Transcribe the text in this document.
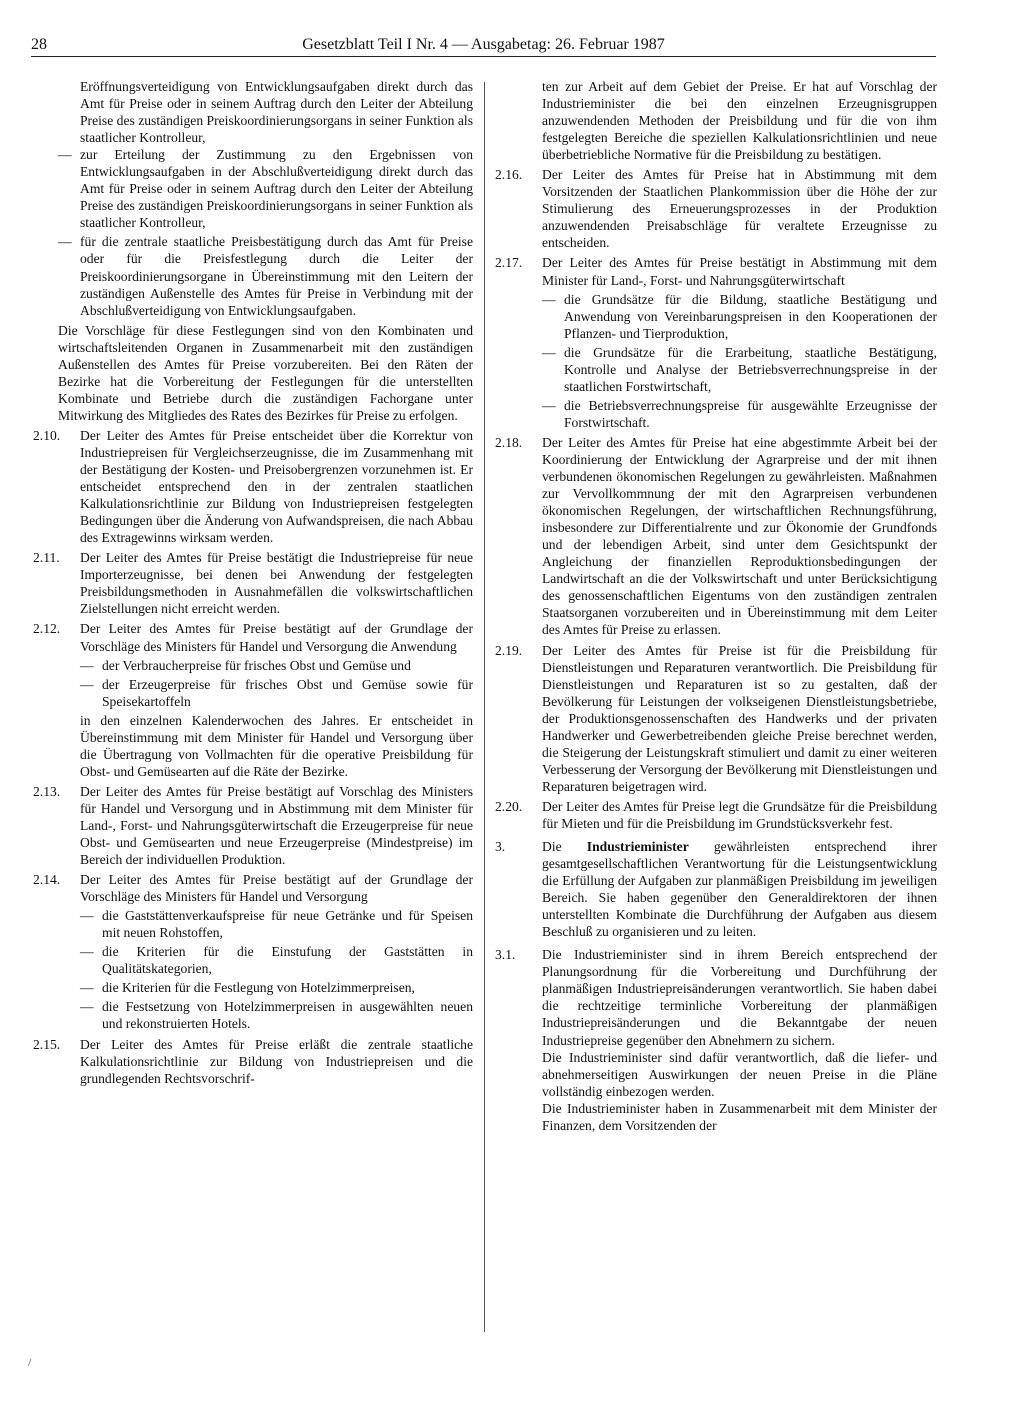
28	Gesetzblatt Teil I Nr. 4 — Ausgabetag: 26. Februar 1987

Eröffnungsverteidigung von Entwicklungsaufgaben direkt durch das Amt für Preise oder in seinem Auftrag durch den Leiter der Abteilung Preise des zuständigen Preiskoordinierungsorgans in seiner Funktion als staatlicher Kontrolleur,

— zur Erteilung der Zustimmung zu den Ergebnissen von Entwicklungsaufgaben in der Abschlußverteidigung direkt durch das Amt für Preise oder in seinem Auftrag durch den Leiter der Abteilung Preise des zuständigen Preiskoordinierungsorgans in seiner Funktion als staatlicher Kontrolleur,
— für die zentrale staatliche Preisbestätigung durch das Amt für Preise oder für die Preisfestlegung durch die Leiter der Preiskoordinierungsorgane in Übereinstimmung mit den Leitern der zuständigen Außenstelle des Amtes für Preise in Verbindung mit der Abschlußverteidigung von Entwicklungsaufgaben.

Die Vorschläge für diese Festlegungen sind von den Kombinaten und wirtschaftsleitenden Organen in Zusammenarbeit mit den zuständigen Außenstellen des Amtes für Preise vorzubereiten. Bei den Räten der Bezirke hat die Vorbereitung der Festlegungen für die unterstellten Kombinate und Betriebe durch die zuständigen Fachorgane unter Mitwirkung des Mitgliedes des Rates des Bezirkes für Preise zu erfolgen.

2.10. Der Leiter des Amtes für Preise entscheidet über die Korrektur von Industriepreisen für Vergleichserzeugnisse, die im Zusammenhang mit der Bestätigung der Kosten- und Preisobergrenzen vorzunehmen ist. Er entscheidet entsprechend den in der zentralen staatlichen Kalkulationsrichtlinie zur Bildung von Industriepreisen festgelegten Bedingungen über die Änderung von Aufwandspreisen, die nach Abbau des Extragewinns wirksam werden.
2.11. Der Leiter des Amtes für Preise bestätigt die Industriepreise für neue Importerzeugnisse, bei denen bei Anwendung der festgelegten Preisbildungsmethoden in Ausnahmefällen die volkswirtschaftlichen Zielstellungen nicht erreicht werden.
2.12. Der Leiter des Amtes für Preise bestätigt auf der Grundlage der Vorschläge des Ministers für Handel und Versorgung die Anwendung
— der Verbraucherpreise für frisches Obst und Gemüse und
— der Erzeugerpreise für frisches Obst und Gemüse sowie für Speisekartoffeln
in den einzelnen Kalenderwochen des Jahres. Er entscheidet in Übereinstimmung mit dem Minister für Handel und Versorgung über die Übertragung von Vollmachten für die operative Preisbildung für Obst- und Gemüsearten auf die Räte der Bezirke.
2.13. Der Leiter des Amtes für Preise bestätigt auf Vorschlag des Ministers für Handel und Versorgung und in Abstimmung mit dem Minister für Land-, Forst- und Nahrungsgüterwirtschaft die Erzeugerpreise für neue Obst- und Gemüsearten und neue Erzeugerpreise (Mindestpreise) im Bereich der individuellen Produktion.
2.14. Der Leiter des Amtes für Preise bestätigt auf der Grundlage der Vorschläge des Ministers für Handel und Versorgung
— die Gaststättenverkaufspreise für neue Getränke und für Speisen mit neuen Rohstoffen,
— die Kriterien für die Einstufung der Gaststätten in Qualitätskategorien,
— die Kriterien für die Festlegung von Hotelzimmerpreisen,
— die Festsetzung von Hotelzimmerpreisen in ausgewählten neuen und rekonstruierten Hotels.
2.15. Der Leiter des Amtes für Preise erläßt die zentrale staatliche Kalkulationsrichtlinie zur Bildung von Industriepreisen und die grundlegenden Rechtsvorschrif-
ten zur Arbeit auf dem Gebiet der Preise. Er hat auf Vorschlag der Industrieminister die bei den einzelnen Erzeugnisgruppen anzuwendenden Methoden der Preisbildung und für die von ihm festgelegten Bereiche die speziellen Kalkulationsrichtlinien und neue überbetriebliche Normative für die Preisbildung zu bestätigen.
2.16. Der Leiter des Amtes für Preise hat in Abstimmung mit dem Vorsitzenden der Staatlichen Plankommission über die Höhe der zur Stimulierung des Erneuerungsprozesses in der Produktion anzuwendenden Preisabschläge für veraltete Erzeugnisse zu entscheiden.
2.17. Der Leiter des Amtes für Preise bestätigt in Abstimmung mit dem Minister für Land-, Forst- und Nahrungsgüterwirtschaft
— die Grundsätze für die Bildung, staatliche Bestätigung und Anwendung von Vereinbarungspreisen in den Kooperationen der Pflanzen- und Tierproduktion,
— die Grundsätze für die Erarbeitung, staatliche Bestätigung, Kontrolle und Analyse der Betriebsverrechnungspreise in der staatlichen Forstwirtschaft,
— die Betriebsverrechnungspreise für ausgewählte Erzeugnisse der Forstwirtschaft.
2.18. Der Leiter des Amtes für Preise hat eine abgestimmte Arbeit bei der Koordinierung der Entwicklung der Agrarpreise und der mit ihnen verbundenen ökonomischen Regelungen zu gewährleisten. Maßnahmen zur Vervollkommnung der mit den Agrarpreisen verbundenen ökonomischen Regelungen, der wirtschaftlichen Rechnungsführung, insbesondere zur Differentialrente und zur Ökonomie der Grundfonds und der lebendigen Arbeit, sind unter dem Gesichtspunkt der Angleichung der finanziellen Reproduktionsbedingungen der Landwirtschaft an die der Volkswirtschaft und unter Berücksichtigung des genossenschaftlichen Eigentums von den zuständigen zentralen Staatsorganen vorzubereiten und in Übereinstimmung mit dem Leiter des Amtes für Preise zu erlassen.
2.19. Der Leiter des Amtes für Preise ist für die Preisbildung für Dienstleistungen und Reparaturen verantwortlich. Die Preisbildung für Dienstleistungen und Reparaturen ist so zu gestalten, daß der Bevölkerung für Leistungen der volkseigenen Dienstleistungsbetriebe, der Produktionsgenossenschaften des Handwerks und der privaten Handwerker und Gewerbetreibenden gleiche Preise berechnet werden, die Steigerung der Leistungskraft stimuliert und damit zu einer weiteren Verbesserung der Versorgung der Bevölkerung mit Dienstleistungen und Reparaturen beigetragen wird.
2.20. Der Leiter des Amtes für Preise legt die Grundsätze für die Preisbildung für Mieten und für die Preisbildung im Grundstücksverkehr fest.
3.	Die Industrieminister gewährleisten entsprechend ihrer gesamtgesellschaftlichen Verantwortung für die Leistungsentwicklung die Erfüllung der Aufgaben zur planmäßigen Preisbildung im jeweiligen Bereich. Sie haben gegenüber den Generaldirektoren der ihnen unterstellten Kombinate die Durchführung der Aufgaben aus diesem Beschluß zu organisieren und zu leiten.
3.1. Die Industrieminister sind in ihrem Bereich entsprechend der Planungsordnung für die Vorbereitung und Durchführung der planmäßigen Industriepreisänderungen verantwortlich. Sie haben dabei die rechtzeitige terminliche Vorbereitung der planmäßigen Industriepreisänderungen und die Bekanntgabe der neuen Industriepreise gegenüber den Abnehmern zu sichern.
Die Industrieminister sind dafür verantwortlich, daß die liefer- und abnehmerseitigen Auswirkungen der neuen Preise in die Pläne vollständig einbezogen werden.
Die Industrieminister haben in Zusammenarbeit mit dem Minister der Finanzen, dem Vorsitzenden der
/
